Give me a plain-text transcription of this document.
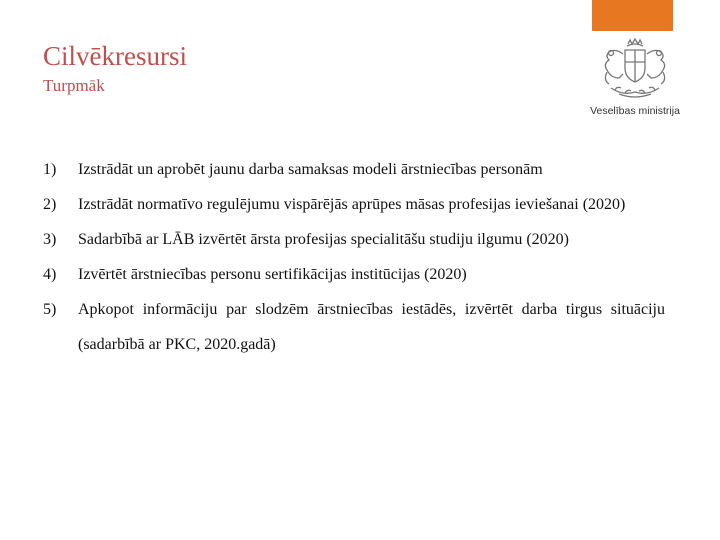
Cilvēkresursi
Turpmāk
Veselības ministrija
1)	Izstrādāt un aprobēt jaunu darba samaksas modeli ārstniecības personām
2)	Izstrādāt normatīvo regulējumu vispārējās aprūpes māsas profesijas ieviešanai (2020)
3)	Sadarbībā ar LĀB izvērtēt ārsta profesijas specialitāšu studiju ilgumu (2020)
4)	Izvērtēt ārstniecības personu sertifikācijas institūcijas (2020)
5)	Apkopot informāciju par slodzēm ārstniecības iestādēs, izvērtēt darba tirgus situāciju (sadarbībā ar PKC, 2020.gadā)
